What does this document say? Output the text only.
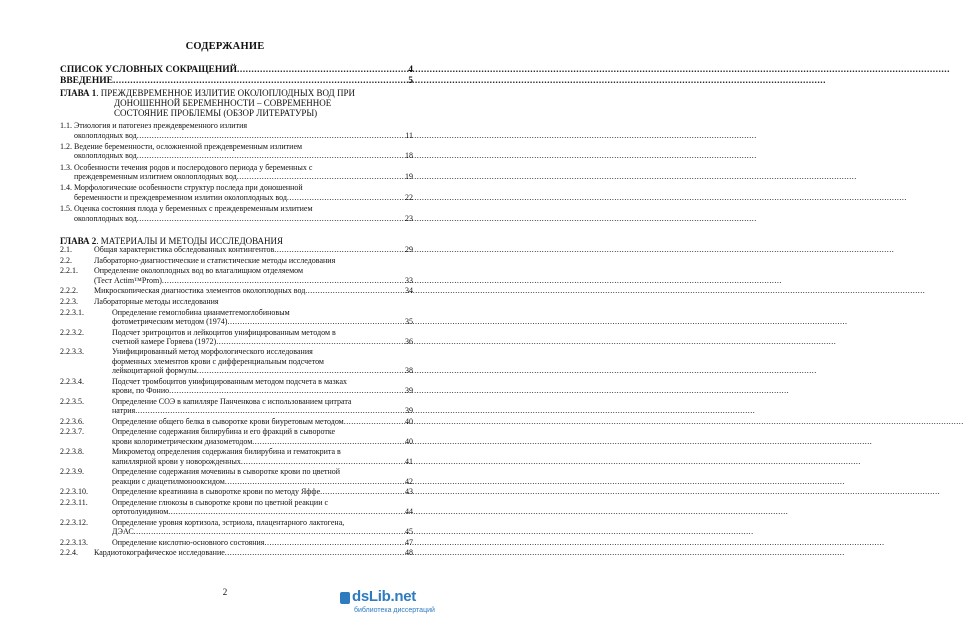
СОДЕРЖАНИЕ
СПИСОК УСЛОВНЫХ СОКРАЩЕНИЙ .....	4
ВВЕДЕНИЕ .....	5
ГЛАВА 1. ПРЕЖДЕВРЕМЕННОЕ ИЗЛИТИЕ ОКОЛОПЛОДНЫХ ВОД ПРИ
ДОНОШЕННОЙ БЕРЕМЕННОСТИ – СОВРЕМЕННОЕ
СОСТОЯНИЕ ПРОБЛЕМЫ (ОБЗОР ЛИТЕРАТУРЫ)
1.1. Этиология и патогенез преждевременного излития
околоплодных вод .....	11
1.2. Ведение беременности, осложненной преждевременным излитием
околоплодных вод .....	18
1.3. Особенности течения родов и послеродового периода у беременных с
преждевременным излитием околоплодных вод .....	19
1.4. Морфологические особенности структур последа при доношенной
беременности и преждевременном излитии околоплодных вод .....	22
1.5. Оценка состояния плода у беременных с преждевременным излитием
околоплодных вод .....	23
ГЛАВА 2. МАТЕРИАЛЫ И МЕТОДЫ ИССЛЕДОВАНИЯ
2.1.	Общая характеристика обследованных контингентов .....	29
2.2.	Лабораторно-диагностические и статистические методы исследования
2.2.1.	Определение околоплодных вод во влагалищном отделяемом
(Тест Actim™Prom) .....	33
2.2.2.	Микроскопическая диагностика элементов околоплодных вод .....	34
2.2.3.	Лабораторные методы исследования
2.2.3.1.	Определение гемоглобина цианметгемоглобиновым
фотометрическим методом (1974) .....	35
2.2.3.2.	Подсчет эритроцитов и лейкоцитов унифицированным методом в
счетной камере Горяева (1972) .....	36
2.2.3.3.	Унифицированный метод морфологического исследования
форменных элементов крови с дифференциальным подсчетом
лейкоцитарной формулы .....	38
2.2.3.4.	Подсчет тромбоцитов унифицированным методом подсчета в мазках
крови, по Фонио .....	39
2.2.3.5.	Определение СОЭ в капилляре Панченкова с использованием цитрата
натрия .....	39
2.2.3.6.	Определение общего белка в сыворотке крови биуретовым методом .....	40
2.2.3.7.	Определение содержания билирубина и его фракций в сыворотке
крови колориметрическим диазометодом .....	40
2.2.3.8.	Микрометод определения содержания билирубина и гематокрита в
капиллярной крови у новорожденных .....	41
2.2.3.9.	Определение содержания мочевины в сыворотке крови по цветной
реакции с диацетилмонооксидом .....	42
2.2.3.10.	Определение креатинина в сыворотке крови по методу Яффе .....	43
2.2.3.11.	Определение глюкозы в сыворотке крови по цветной реакции с
ортотолуидином .....	44
2.2.3.12.	Определение уровня кортизола, эстриола, плацентарного лактогена,
ДЭАС .....	45
2.2.3.13.	Определение кислотно-основного состояния .....	47
2.2.4.	Кардиотокографическое исследование .....	48
2	dsLib.net
библиотека диссертаций
